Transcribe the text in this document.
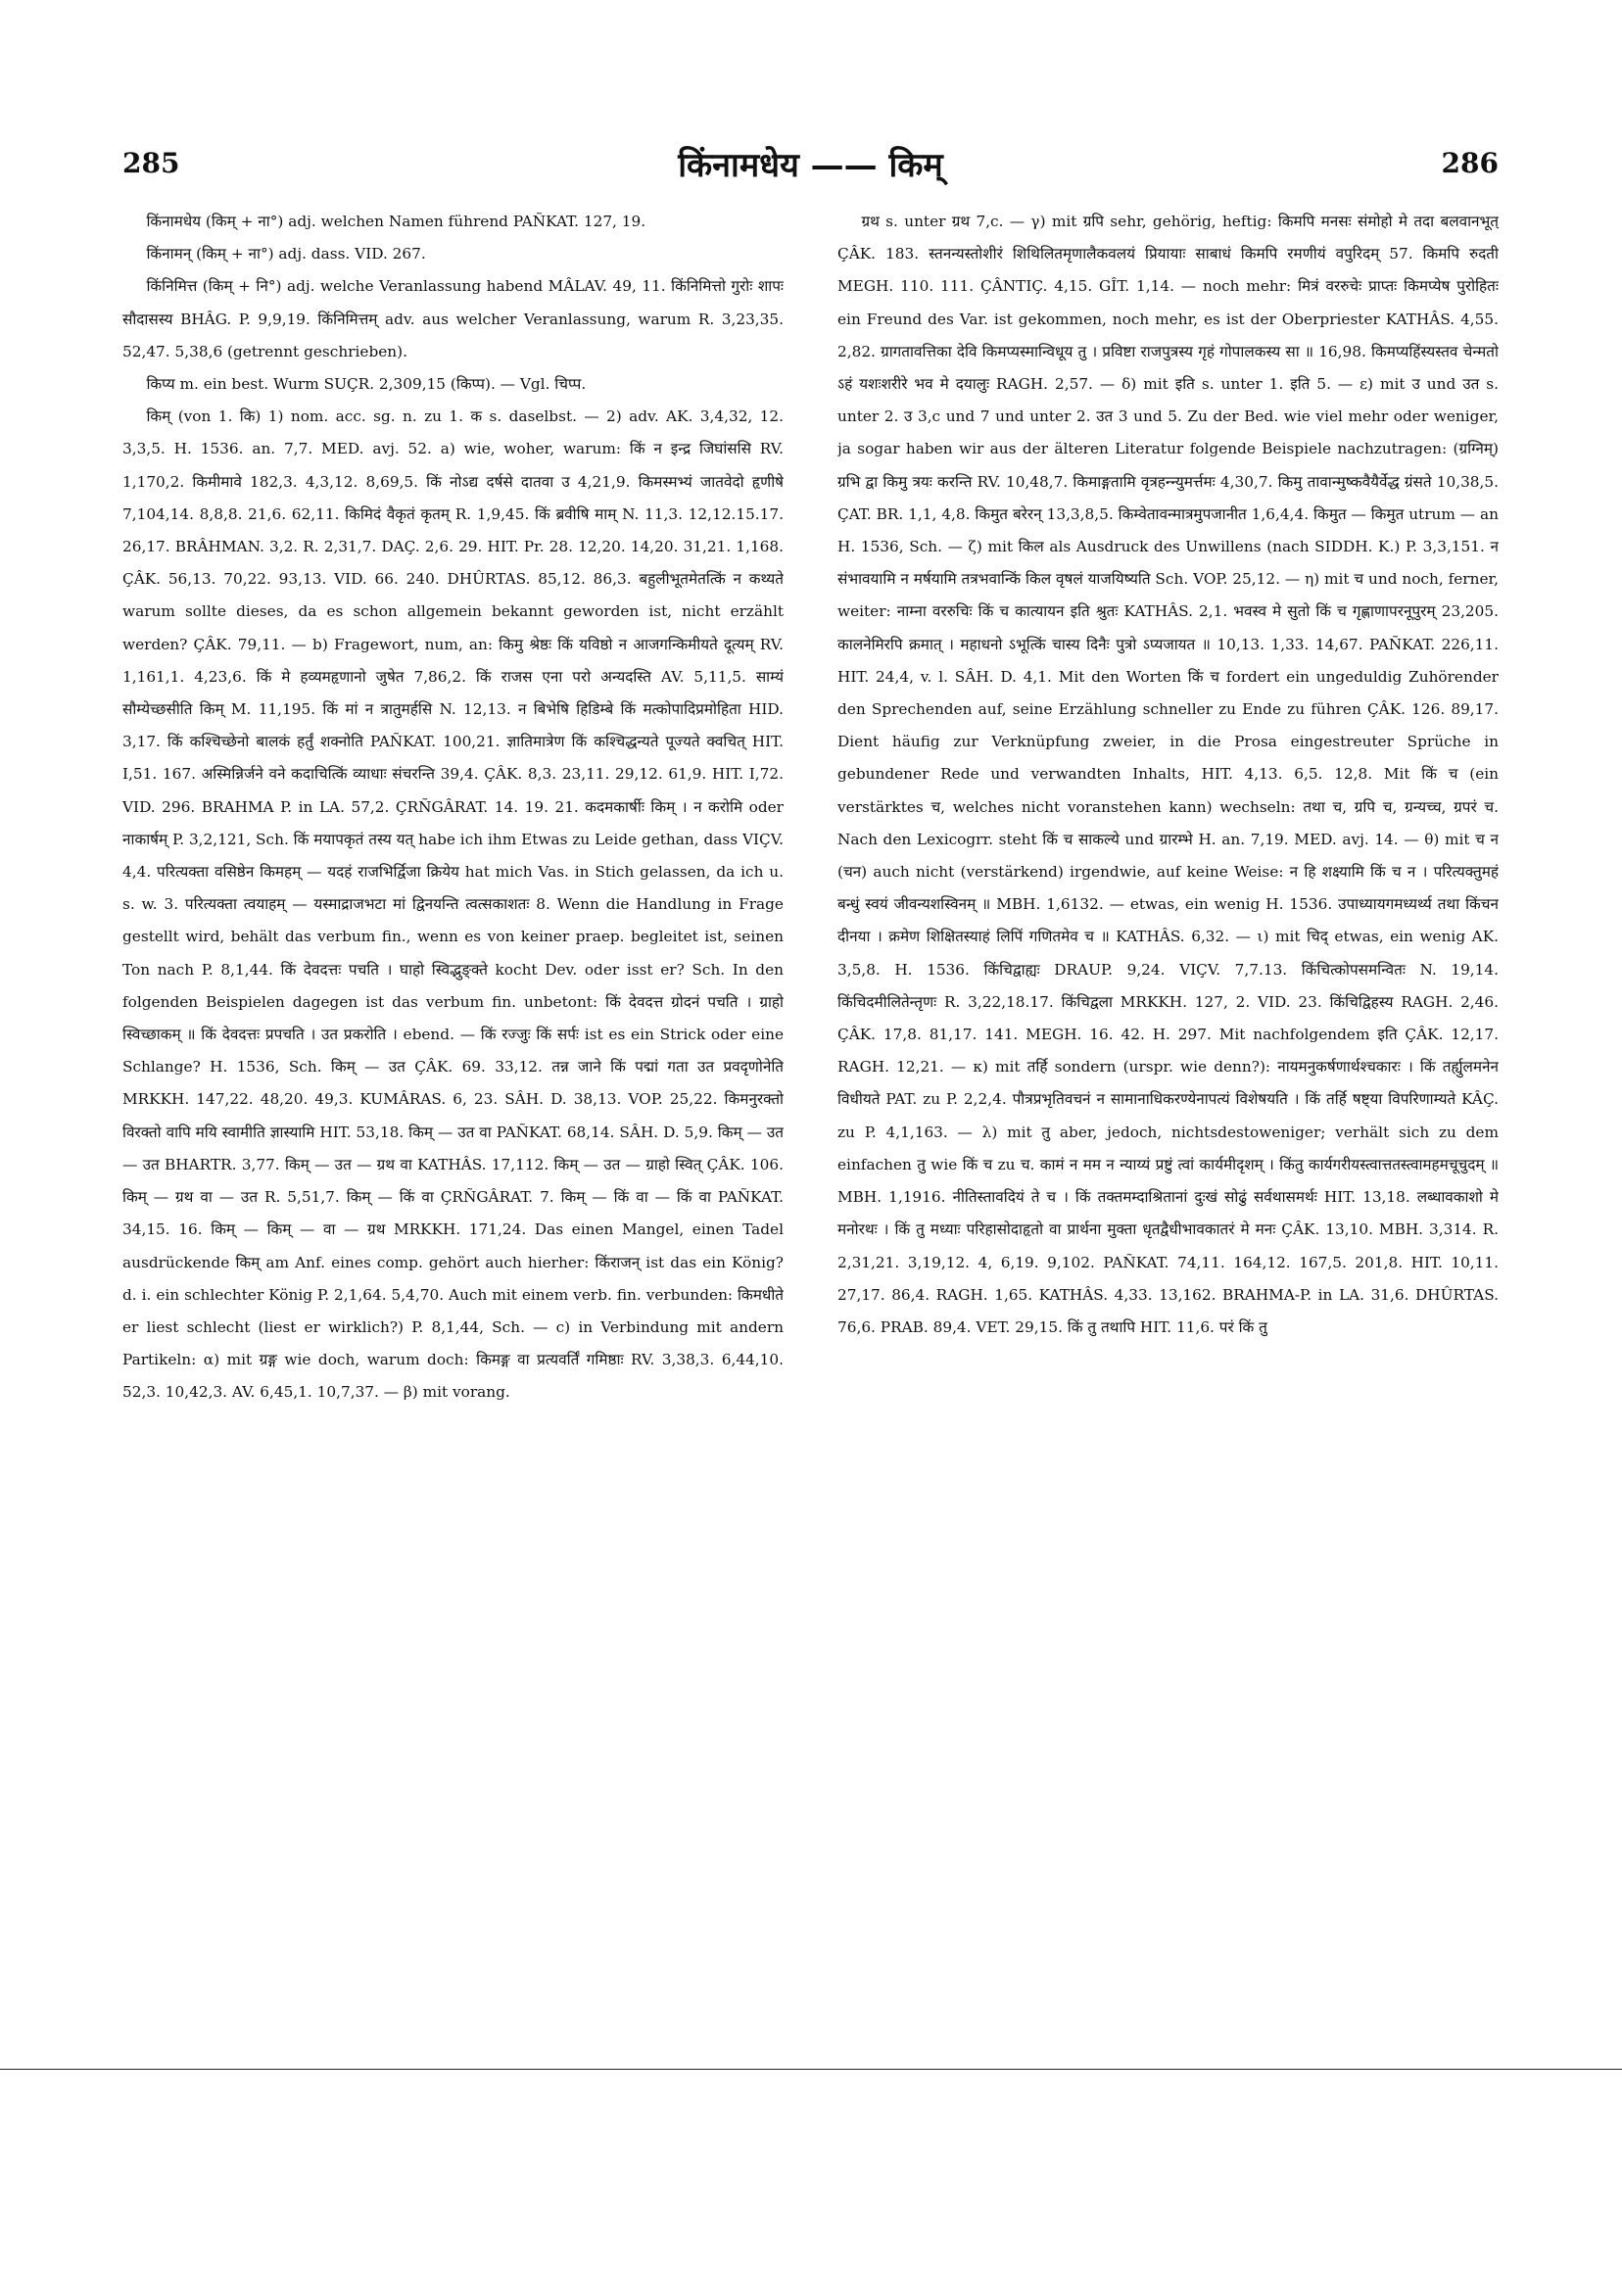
285	किंनामधेय —— किम्	286

किंनामधेय (किम् + ना°) adj. welchen Namen führend PAÑKAT. 127, 19.

किंनामन् (किम् + ना°) adj. dass. VID. 267.

किंनिमित्त (किम् + नि°) adj. welche Veranlassung habend MÂLAV. 49, 11. किंनिमित्तो गुरोः शापः सौदासस्य BHÂG. P. 9,9,19. किंनिमित्तम् adv. aus welcher Veranlassung, warum R. 3,23,35. 52,47. 5,38,6 (getrennt geschrieben).

किप्य m. ein best. Wurm SUÇR. 2,309,15 (किप्प). — Vgl. चिप्प.

किम् (von 1. कि) 1) nom. acc. sg. n. zu 1. क s. daselbst. — 2) adv. AK. 3,4,32, 12. 3,3,5. H. 1536. an. 7,7. MED. avj. 52. a) wie, woher, warum: किं न इन्द्र जिघांससि RV. 1,170,2. किमीमावे 182,3. 4,3,12. 8,69,5. किं नोऽद्य दर्षसे दातवा उ 4,21,9. किमस्मभ्यं जातवेदो हृणीषे 7,104,14. 8,8,8. 21,6. 62,11. किमिदं वैकृतं कृतम् R. 1,9,45. किं ब्रवीषि माम् N. 11,3. 12,12.15.17. 26,17. BRÂHMAN. 3,2. R. 2,31,7. DAÇ. 2,6. 29. HIT. Pr. 28. 12,20. 14,20. 31,21. 1,168. ÇÂK. 56,13. 70,22. 93,13. VID. 66. 240. DHÛRTAS. 85,12. 86,3. बहुलीभूतमेतत्किं न कथ्यते warum sollte dieses, da es schon allgemein bekannt geworden ist, nicht erzählt werden? ÇÂK. 79,11. — b) Fragewort, num, an: किमु श्रेष्ठः किं यविष्ठो न आजगन्किमीयते दूत्यम् RV. 1,161,1. 4,23,6. किं मे हव्यमहृणानो जुषेत 7,86,2. किं राजस एना परो अन्यदस्ति AV. 5,11,5. साम्यं सौम्येच्छसीति किम् M. 11,195. किं मां न त्रातुमर्हसि N. 12,13. न बिभेषि हिडिम्बे किं मत्कोपादिप्रमोहिता HID. 3,17. किं कश्चिच्छेनो बालकं हर्तुं शक्नोति PAÑKAT. 100,21. ज्ञातिमात्रेण किं कश्चिद्धन्यते पूज्यते क्वचित् HIT. I,51. 167. अस्मिन्निर्जने वने कदाचित्किं व्याधाः संचरन्ति 39,4. ÇÂK. 8,3. 23,11. 29,12. 61,9. HIT. I,72. VID. 296. BRAHMA P. in LA. 57,2. ÇRÑGÂRAT. 14. 19. 21. कदमकार्षीः किम् । न करोमि oder नाकार्षम् P. 3,2,121, Sch. किं मयापकृतं तस्य यत् habe ich ihm Etwas zu Leide gethan, dass VIÇV. 4,4. परित्यक्ता वसिष्ठेन किमहम् — यदहं राजभिर्द्विजा क्रियेय hat mich Vas. in Stich gelassen, da ich u. s. w. 3. परित्यक्ता त्वयाहम् — यस्माद्राजभटा मां द्विनयन्ति त्वत्सकाशतः 8. Wenn die Handlung in Frage gestellt wird, behält das verbum fin., wenn es von keiner praep. begleitet ist, seinen Ton nach P. 8,1,44. किं देवदत्तः पचति । घाहो स्विद्भुङ्क्ते kocht Dev. oder isst er? Sch. In den folgenden Beispielen dagegen ist das verbum fin. unbetont: किं देवदत्त ग्रोदनं पचति । ग्राहो स्विच्छाकम् ॥ किं देवदत्तः प्रपचति । उत प्रकरोति । ebend. — किं रज्जुः किं सर्पः ist es ein Strick oder eine Schlange? H. 1536, Sch. किम् — उत ÇÂK. 69. 33,12. तन्न जाने किं पद्मां गता उत प्रवदृणोनेति MRKKH. 147,22. 48,20. 49,3. KUMÂRAS. 6, 23. SÂH. D. 38,13. VOP. 25,22. किमनुरक्तो विरक्तो वापि मयि स्वामीति ज्ञास्यामि HIT. 53,18. किम् — उत वा PAÑKAT. 68,14. SÂH. D. 5,9. किम् — उत — उत BHARTR. 3,77. किम् — उत — ग्रथ वा KATHÂS. 17,112. किम् — उत — ग्राहो स्वित् ÇÂK. 106. किम् — ग्रथ वा — उत R. 5,51,7. किम् — किं वा ÇRÑGÂRAT. 7. किम् — किं वा — किं वा PAÑKAT. 34,15. 16. किम् — किम् — वा — ग्रथ MRKKH. 171,24. Das einen Mangel, einen Tadel ausdrückende किम् am Anf. eines comp. gehört auch hierher: किंराजन् ist das ein König? d. i. ein schlechter König P. 2,1,64. 5,4,70. Auch mit einem verb. fin. verbunden: किमधीते er liest schlecht (liest er wirklich?) P. 8,1,44, Sch. — c) in Verbindung mit andern Partikeln: α) mit ग्रङ्ग wie doch, warum doch: किमङ्ग वा प्रत्यवर्तिं गमिष्ठाः RV. 3,38,3. 6,44,10. 52,3. 10,42,3. AV. 6,45,1. 10,7,37. — β) mit vorang.

ग्रथ s. unter ग्रथ 7,c. — γ) mit ग्रपि sehr, gehörig, heftig: किमपि मनसः संमोहो मे तदा बलवानभूत् ÇÂK. 183. स्तनन्यस्तोशीरं शिथिलितमृणालैकवलयं प्रियायाः साबाधं किमपि रमणीयं वपुरिदम् 57. किमपि रुदती MEGH. 110. 111. ÇÂNTIÇ. 4,15. GÎT. 1,14. — noch mehr: मित्रं वररुचेः प्राप्तः किमप्येष पुरोहितः ein Freund des Var. ist gekommen, noch mehr, es ist der Oberpriester KATHÂS. 4,55. 2,82. ग्रागतावत्तिका देवि किमप्यस्मान्विधूय तु । प्रविष्टा राजपुत्रस्य गृहं गोपालकस्य सा ॥ 16,98. किमप्यहिंस्यस्तव चेन्मतो ऽहं यशःशरीरे भव मे दयालुः RAGH. 2,57. — δ) mit इति s. unter 1. इति 5. — ε) mit उ und उत s. unter 2. उ 3,c und 7 und unter 2. उत 3 und 5. Zu der Bed. wie viel mehr oder weniger, ja sogar haben wir aus der älteren Literatur folgende Beispiele nachzutragen: (ग्रग्निम्) ग्रभि द्वा किमु त्रयः करन्ति RV. 10,48,7. किमाङ्गतामि वृत्रहन्न्युमर्त्तमः 4,30,7. किमु तावान्मुष्कवैयैर्वेद्ध ग्रंसते 10,38,5. ÇAT. BR. 1,1, 4,8. किमुत बरेरन् 13,3,8,5. किम्वेतावन्मात्रमुपजानीत 1,6,4,4. किमुत — किमुत utrum — an H. 1536, Sch. — ζ) mit किल als Ausdruck des Unwillens (nach SIDDH. K.) P. 3,3,151. न संभावयामि न मर्षयामि तत्रभवान्किं किल वृषलं याजयिष्यति Sch. VOP. 25,12. — η) mit च und noch, ferner, weiter: नाम्ना वररुचिः किं च कात्यायन इति श्रुतः KATHÂS. 2,1. भवस्व मे सुतो किं च गृह्णाणापरनूपुरम् 23,205. कालनेमिरपि क्रमात् । महाधनो ऽभूत्किं चास्य दिनैः पुत्रो ऽप्यजायत ॥ 10,13. 1,33. 14,67. PAÑKAT. 226,11. HIT. 24,4, v. l. SÂH. D. 4,1. Mit den Worten किं च fordert ein ungeduldig Zuhörender den Sprechenden auf, seine Erzählung schneller zu Ende zu führen ÇÂK. 126. 89,17. Dient häufig zur Verknüpfung zweier, in die Prosa eingestreuter Sprüche in gebundener Rede und verwandten Inhalts, HIT. 4,13. 6,5. 12,8. Mit किं च (ein verstärktes च, welches nicht voranstehen kann) wechseln: तथा च, ग्रपि च, ग्रन्यच्च, ग्रपरं च. Nach den Lexicogrr. steht किं च साकल्ये und ग्रारम्भे H. an. 7,19. MED. avj. 14. — θ) mit च न (चन) auch nicht (verstärkend) irgendwie, auf keine Weise: न हि शक्ष्यामि किं च न । परित्यक्तुमहं बन्धुं स्वयं जीवन्यशस्विनम् ॥ MBH. 1,6132. — etwas, ein wenig H. 1536. उपाध्यायगमध्यर्थ्य तथा किंचन दीनया । क्रमेण शिक्षितस्याहं लिपिं गणितमेव च ॥ KATHÂS. 6,32. — ι) mit चिद् etwas, ein wenig AK. 3,5,8. H. 1536. किंचिद्वाह्यः DRAUP. 9,24. VIÇV. 7,7.13. किंचित्कोपसमन्वितः N. 19,14. किंचिदमीलितेन्तृणः R. 3,22,18.17. किंचिद्वला MRKKH. 127, 2. VID. 23. किंचिद्विहस्य RAGH. 2,46. ÇÂK. 17,8. 81,17. 141. MEGH. 16. 42. H. 297. Mit nachfolgendem इति ÇÂK. 12,17. RAGH. 12,21. — κ) mit तर्हि sondern (urspr. wie denn?): नायमनुकर्षणार्थश्चकारः । किं तर्ह्युलमनेन विधीयते PAT. zu P. 2,2,4. पौत्रप्रभृतिवचनं न सामानाधिकरण्येनापत्यं विशेषयति । किं तर्हि षष्ट्या विपरिणाम्यते KÂÇ. zu P. 4,1,163. — λ) mit तु aber, jedoch, nichtsdestoweniger; verhält sich zu dem einfachen तु wie किं च zu च. कामं न मम न न्याय्यं प्रष्टुं त्वां कार्यमीदृशम् । किंतु कार्यगरीयस्त्वात्ततस्त्वामहमचूचुदम् ॥ MBH. 1,1916. नीतिस्तावदियं ते च । किं तक्तमम्दाश्रितानां दुःखं सोढुं सर्वथासमर्थः HIT. 13,18. लब्धावकाशो मे मनोरथः । किं तु मध्याः परिहासोदाहृतो वा प्रार्थना मुक्ता धृतद्वैधीभावकातरं मे मनः ÇÂK. 13,10. MBH. 3,314. R. 2,31,21. 3,19,12. 4, 6,19. 9,102. PAÑKAT. 74,11. 164,12. 167,5. 201,8. HIT. 10,11. 27,17. 86,4. RAGH. 1,65. KATHÂS. 4,33. 13,162. BRAHMA-P. in LA. 31,6. DHÛRTAS. 76,6. PRAB. 89,4. VET. 29,15. किं तु तथापि HIT. 11,6. परं किं तु
